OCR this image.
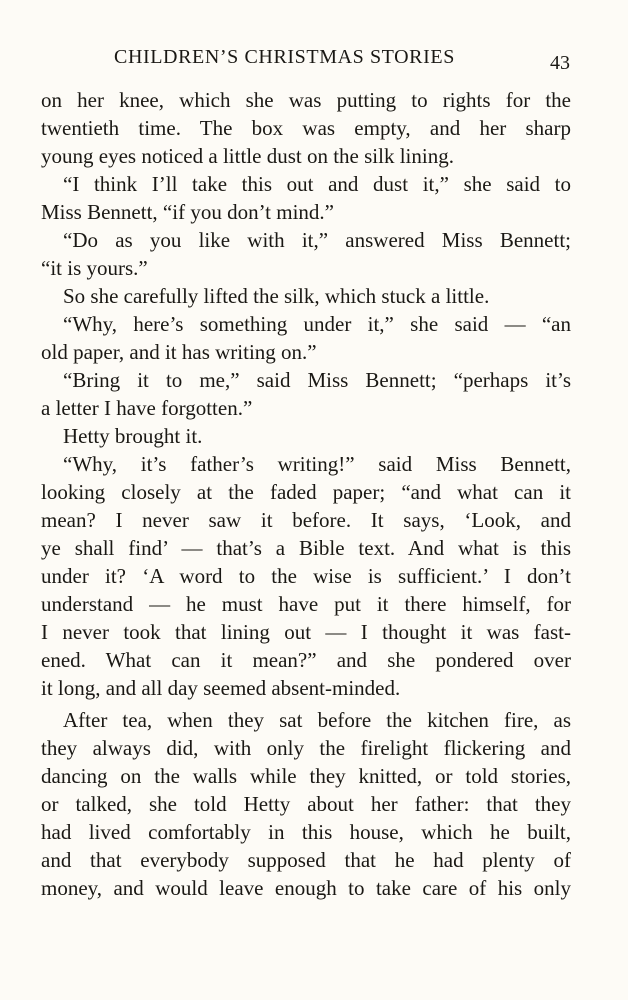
CHILDREN’S CHRISTMAS STORIES	43
on her knee, which she was putting to rights for the
twentieth time. The box was empty, and her sharp
young eyes noticed a little dust on the silk lining.
“I think I’ll take this out and dust it,” she said to
Miss Bennett, “if you don’t mind.”
“Do as you like with it,” answered Miss Bennett;
“it is yours.”
So she carefully lifted the silk, which stuck a little.
“Why, here’s something under it,” she said — “an
old paper, and it has writing on.”
“Bring it to me,” said Miss Bennett; “perhaps it’s
a letter I have forgotten.”
Hetty brought it.
“Why, it’s father’s writing!” said Miss Bennett,
looking closely at the faded paper; “and what can it
mean? I never saw it before. It says, ‘Look, and
ye shall find’ — that’s a Bible text. And what is this
under it? ‘A word to the wise is sufficient.’ I don’t
understand — he must have put it there himself, for
I never took that lining out — I thought it was fast-
ened. What can it mean?” and she pondered over
it long, and all day seemed absent-minded.
After tea, when they sat before the kitchen fire, as
they always did, with only the firelight flickering and
dancing on the walls while they knitted, or told stories,
or talked, she told Hetty about her father: that they
had lived comfortably in this house, which he built,
and that everybody supposed that he had plenty of
money, and would leave enough to take care of his only
